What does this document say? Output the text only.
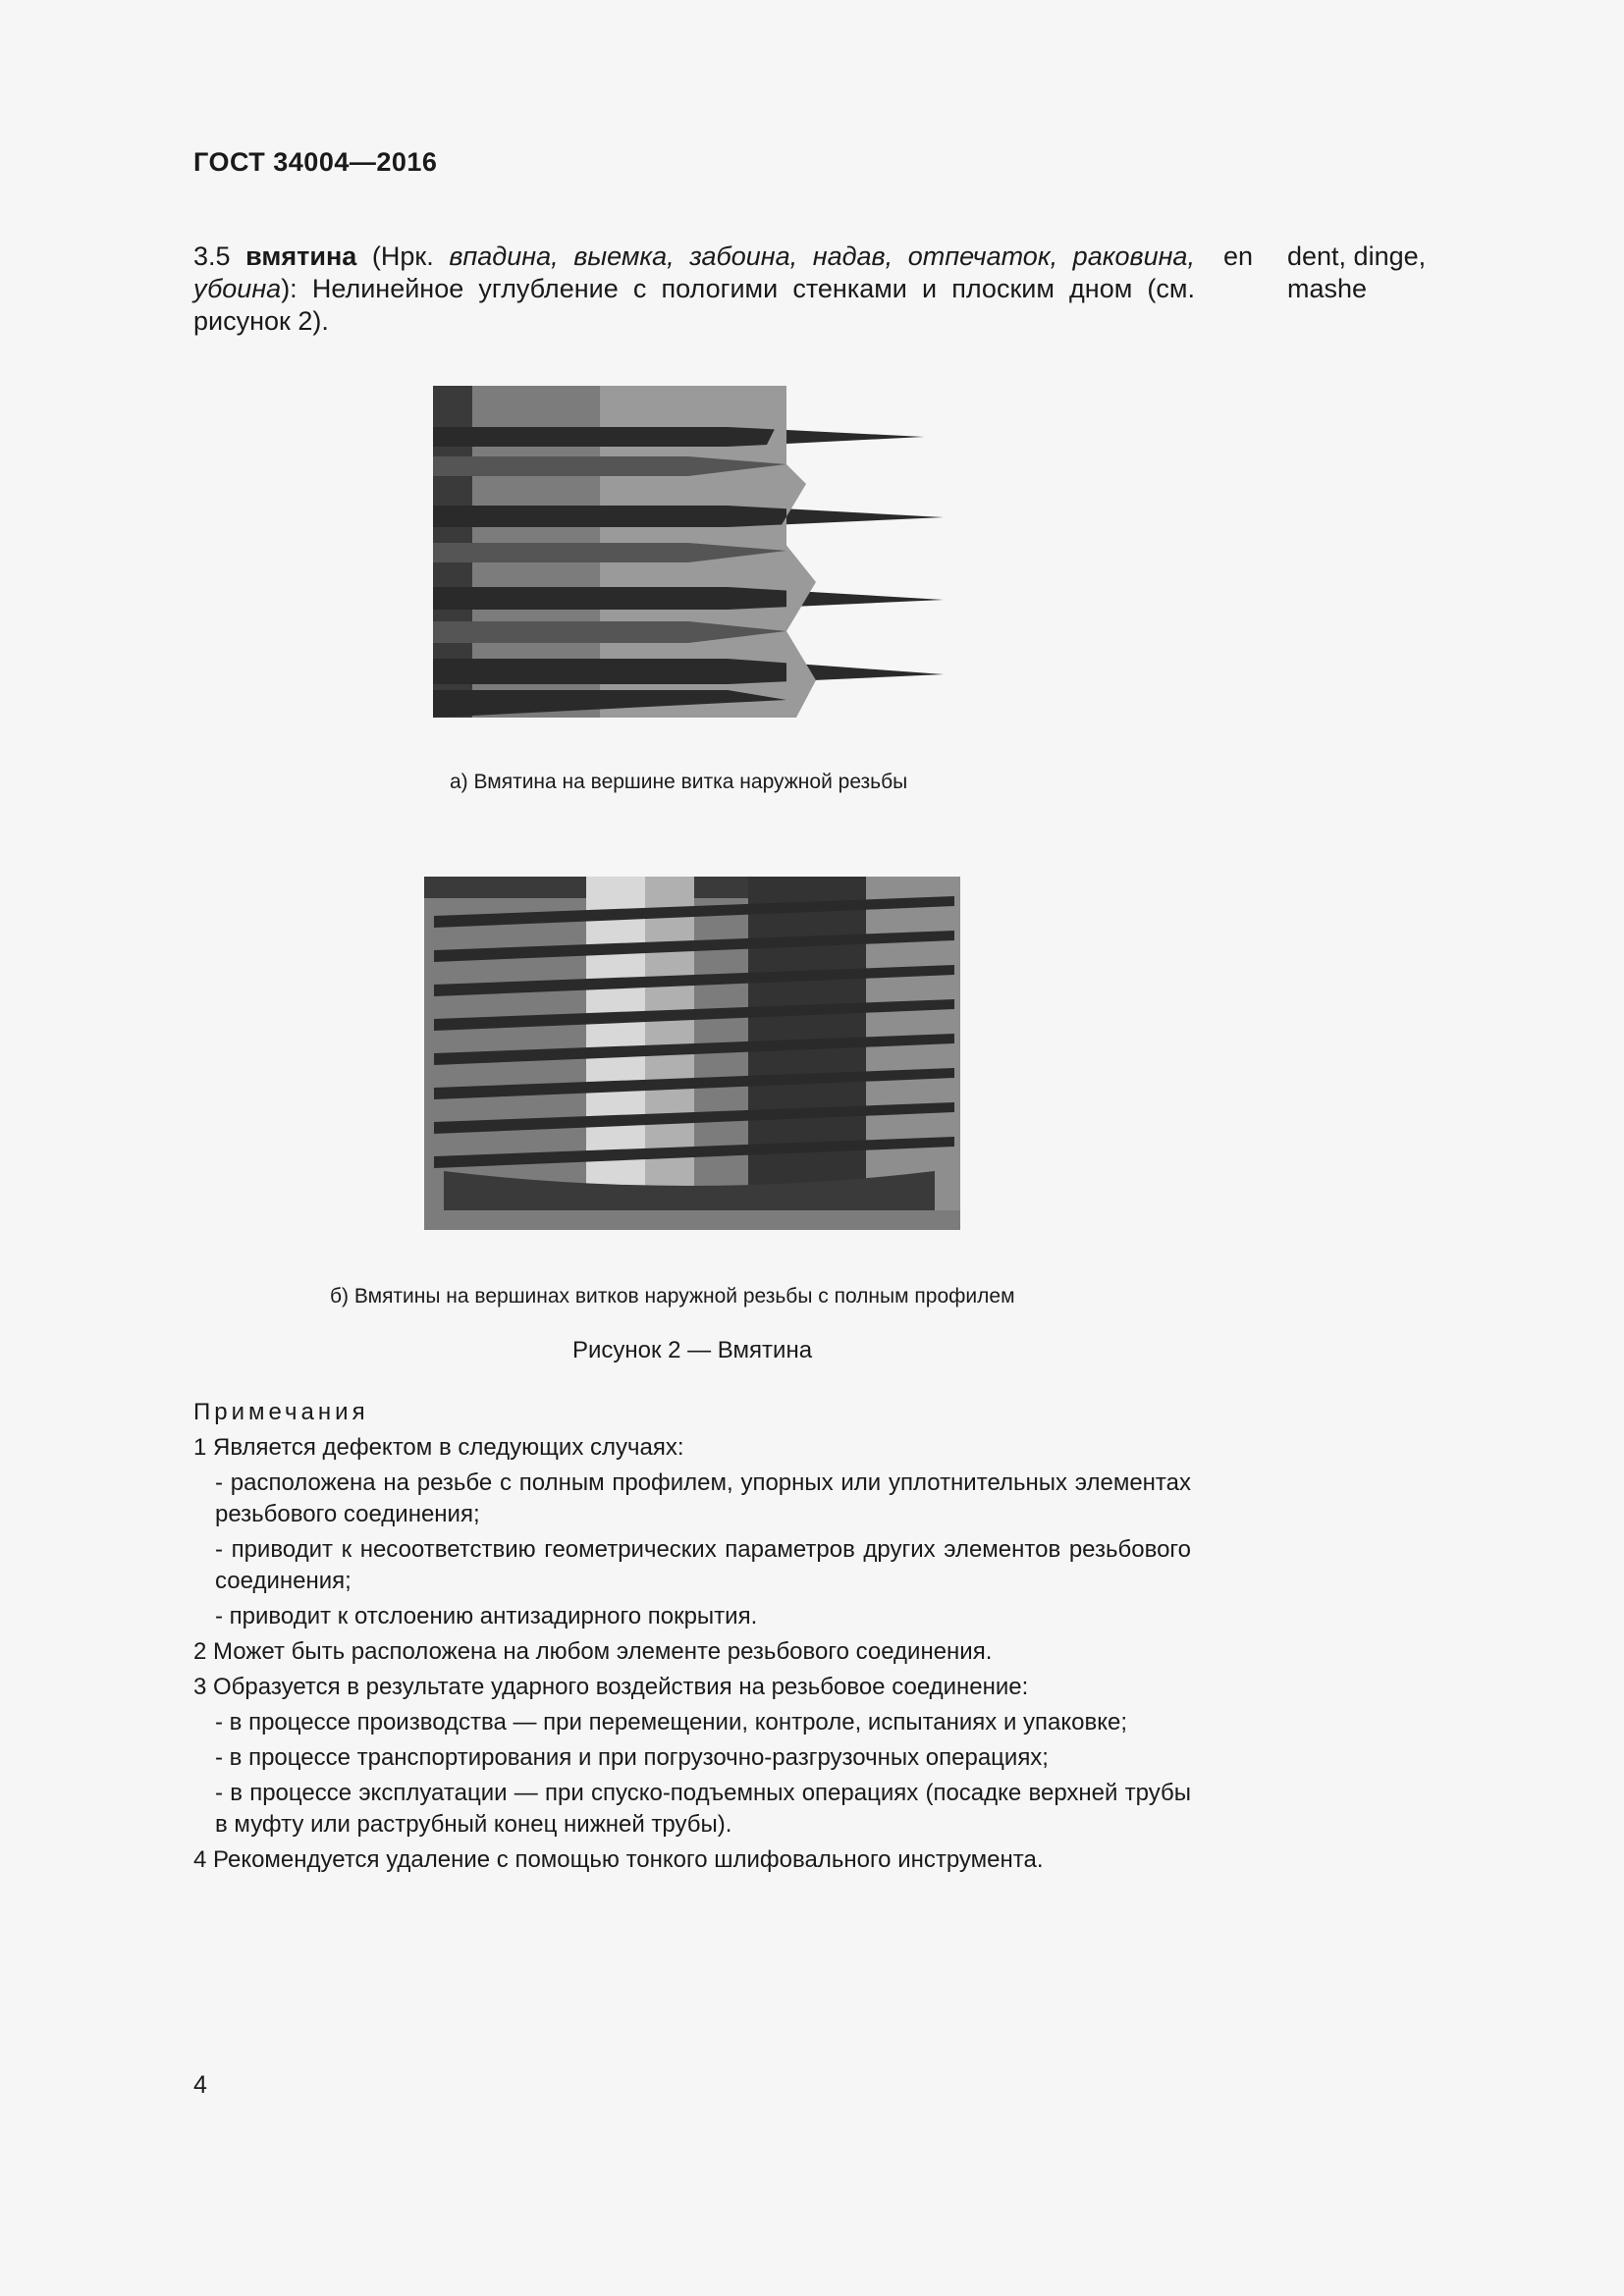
ГОСТ 34004—2016
3.5 вмятина (Нрк. впадина, выемка, забоина, надав, отпечаток, раковина, убоина): Нелинейное углубление с пологими стенками и плоским дном (см. рисунок 2).
en dent, dinge, mashe
а) Вмятина на вершине витка наружной резьбы
б) Вмятины на вершинах витков наружной резьбы с полным профилем
Рисунок 2 — Вмятина
Примечания
1 Является дефектом в следующих случаях:
- расположена на резьбе с полным профилем, упорных или уплотнительных элементах резьбового соединения;
- приводит к несоответствию геометрических параметров других элементов резьбового соединения;
- приводит к отслоению антизадирного покрытия.
2 Может быть расположена на любом элементе резьбового соединения.
3 Образуется в результате ударного воздействия на резьбовое соединение:
- в процессе производства — при перемещении, контроле, испытаниях и упаковке;
- в процессе транспортирования и при погрузочно-разгрузочных операциях;
- в процессе эксплуатации — при спуско-подъемных операциях (посадке верхней трубы в муфту или раструбный конец нижней трубы).
4 Рекомендуется удаление с помощью тонкого шлифовального инструмента.
4
